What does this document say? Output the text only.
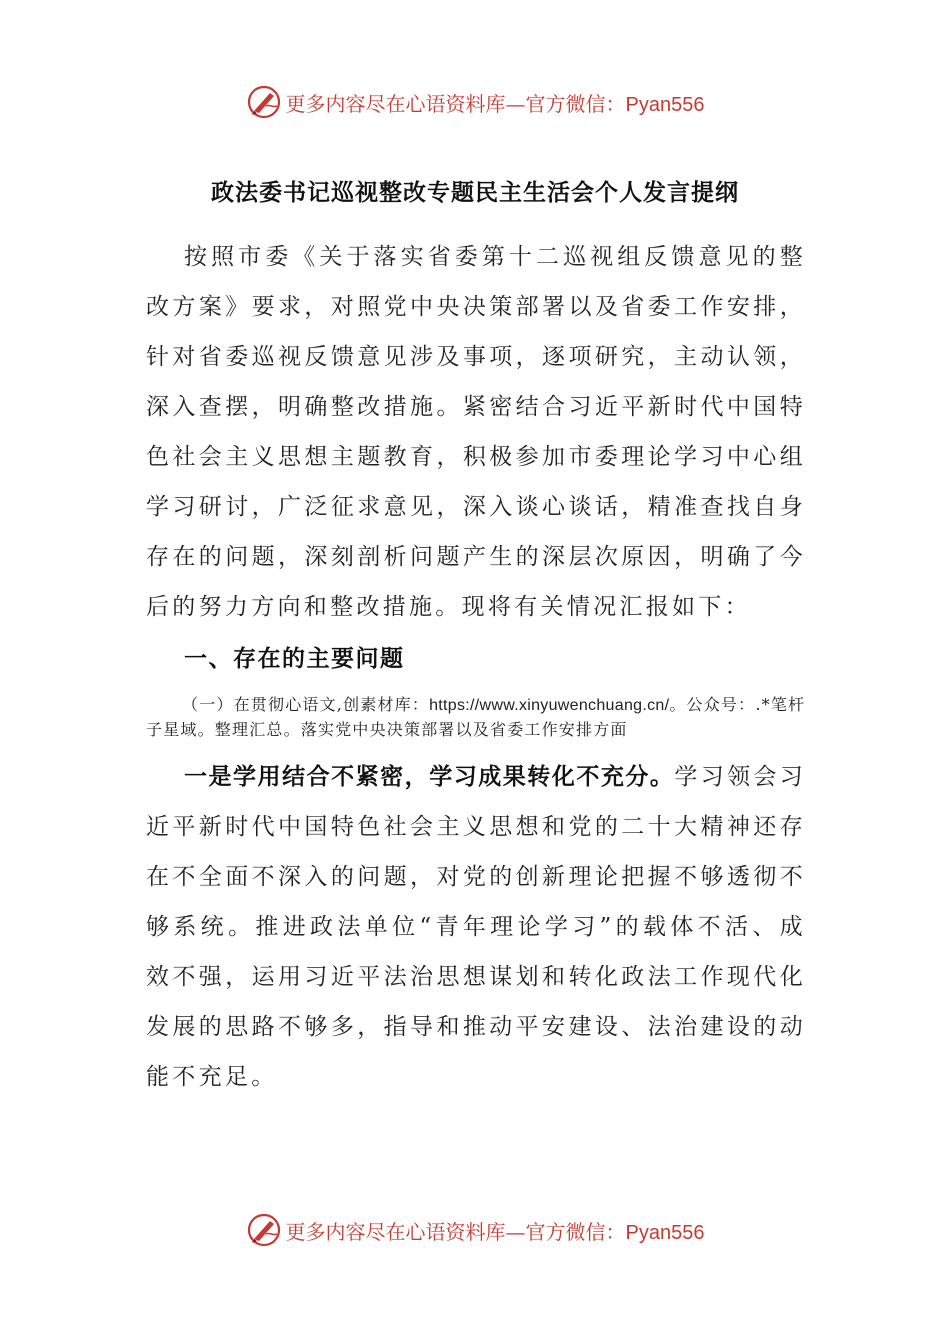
更多内容尽在心语资料库—官方微信：Pyan556
政法委书记巡视整改专题民主生活会个人发言提纲
按照市委《关于落实省委第十二巡视组反馈意见的整改方案》要求，对照党中央决策部署以及省委工作安排，针对省委巡视反馈意见涉及事项，逐项研究，主动认领，深入查摆，明确整改措施。紧密结合习近平新时代中国特色社会主义思想主题教育，积极参加市委理论学习中心组学习研讨，广泛征求意见，深入谈心谈话，精准查找自身存在的问题，深刻剖析问题产生的深层次原因，明确了今后的努力方向和整改措施。现将有关情况汇报如下：
一、存在的主要问题
（一）在贯彻心语文,创素材库：https://www.xinyuwenchuang.cn/。公众号：.*笔杆子星域。整理汇总。落实党中央决策部署以及省委工作安排方面
一是学用结合不紧密，学习成果转化不充分。学习领会习近平新时代中国特色社会主义思想和党的二十大精神还存在不全面不深入的问题，对党的创新理论把握不够透彻不够系统。推进政法单位“青年理论学习”的载体不活、成效不强，运用习近平法治思想谋划和转化政法工作现代化发展的思路不够多，指导和推动平安建设、法治建设的动能不充足。
更多内容尽在心语资料库—官方微信：Pyan556
